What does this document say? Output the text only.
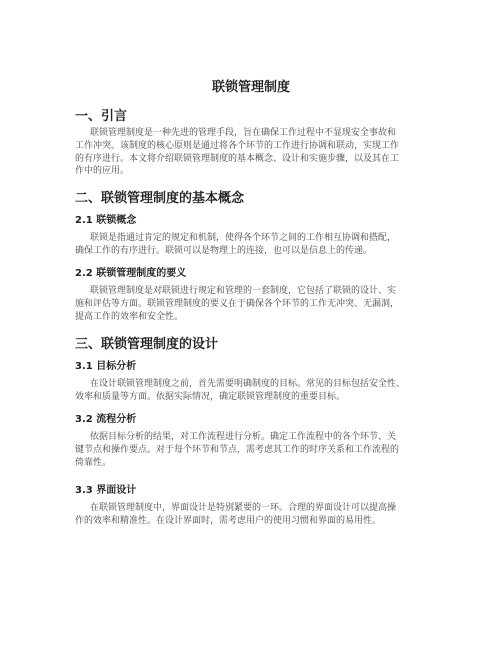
联锁管理制度
一、引言
联锁管理制度是一种先进的管理手段，旨在确保工作过程中不显现安全事故和
工作冲突。该制度的核心原则是通过将各个环节的工作进行协调和联动，实现工作
的有序进行。本文将介绍联锁管理制度的基本概念、设计和实施步骤，以及其在工
作中的应用。
二、联锁管理制度的基本概念
2.1 联锁概念
联锁是指通过肯定的规定和机制，使得各个环节之间的工作相互协调和搭配，
确保工作的有序进行。联锁可以是物理上的连接，也可以是信息上的传递。
2.2 联锁管理制度的要义
联锁管理制度是对联锁进行规定和管理的一套制度，它包括了联锁的设计、实
施和评估等方面。联锁管理制度的要义在于确保各个环节的工作无冲突、无漏洞，
提高工作的效率和安全性。
三、联锁管理制度的设计
3.1 目标分析
在设计联锁管理制度之前，首先需要明确制度的目标。常见的目标包括安全性、
效率和质量等方面。依据实际情况，确定联锁管理制度的重要目标。
3.2 流程分析
依据目标分析的结果，对工作流程进行分析。确定工作流程中的各个环节、关
键节点和操作要点。对于每个环节和节点，需考虑其工作的时序关系和工作流程的
倚靠性。
3.3 界面设计
在联锁管理制度中，界面设计是特别紧要的一环。合理的界面设计可以提高操
作的效率和精准性。在设计界面时，需考虑用户的使用习惯和界面的易用性。
